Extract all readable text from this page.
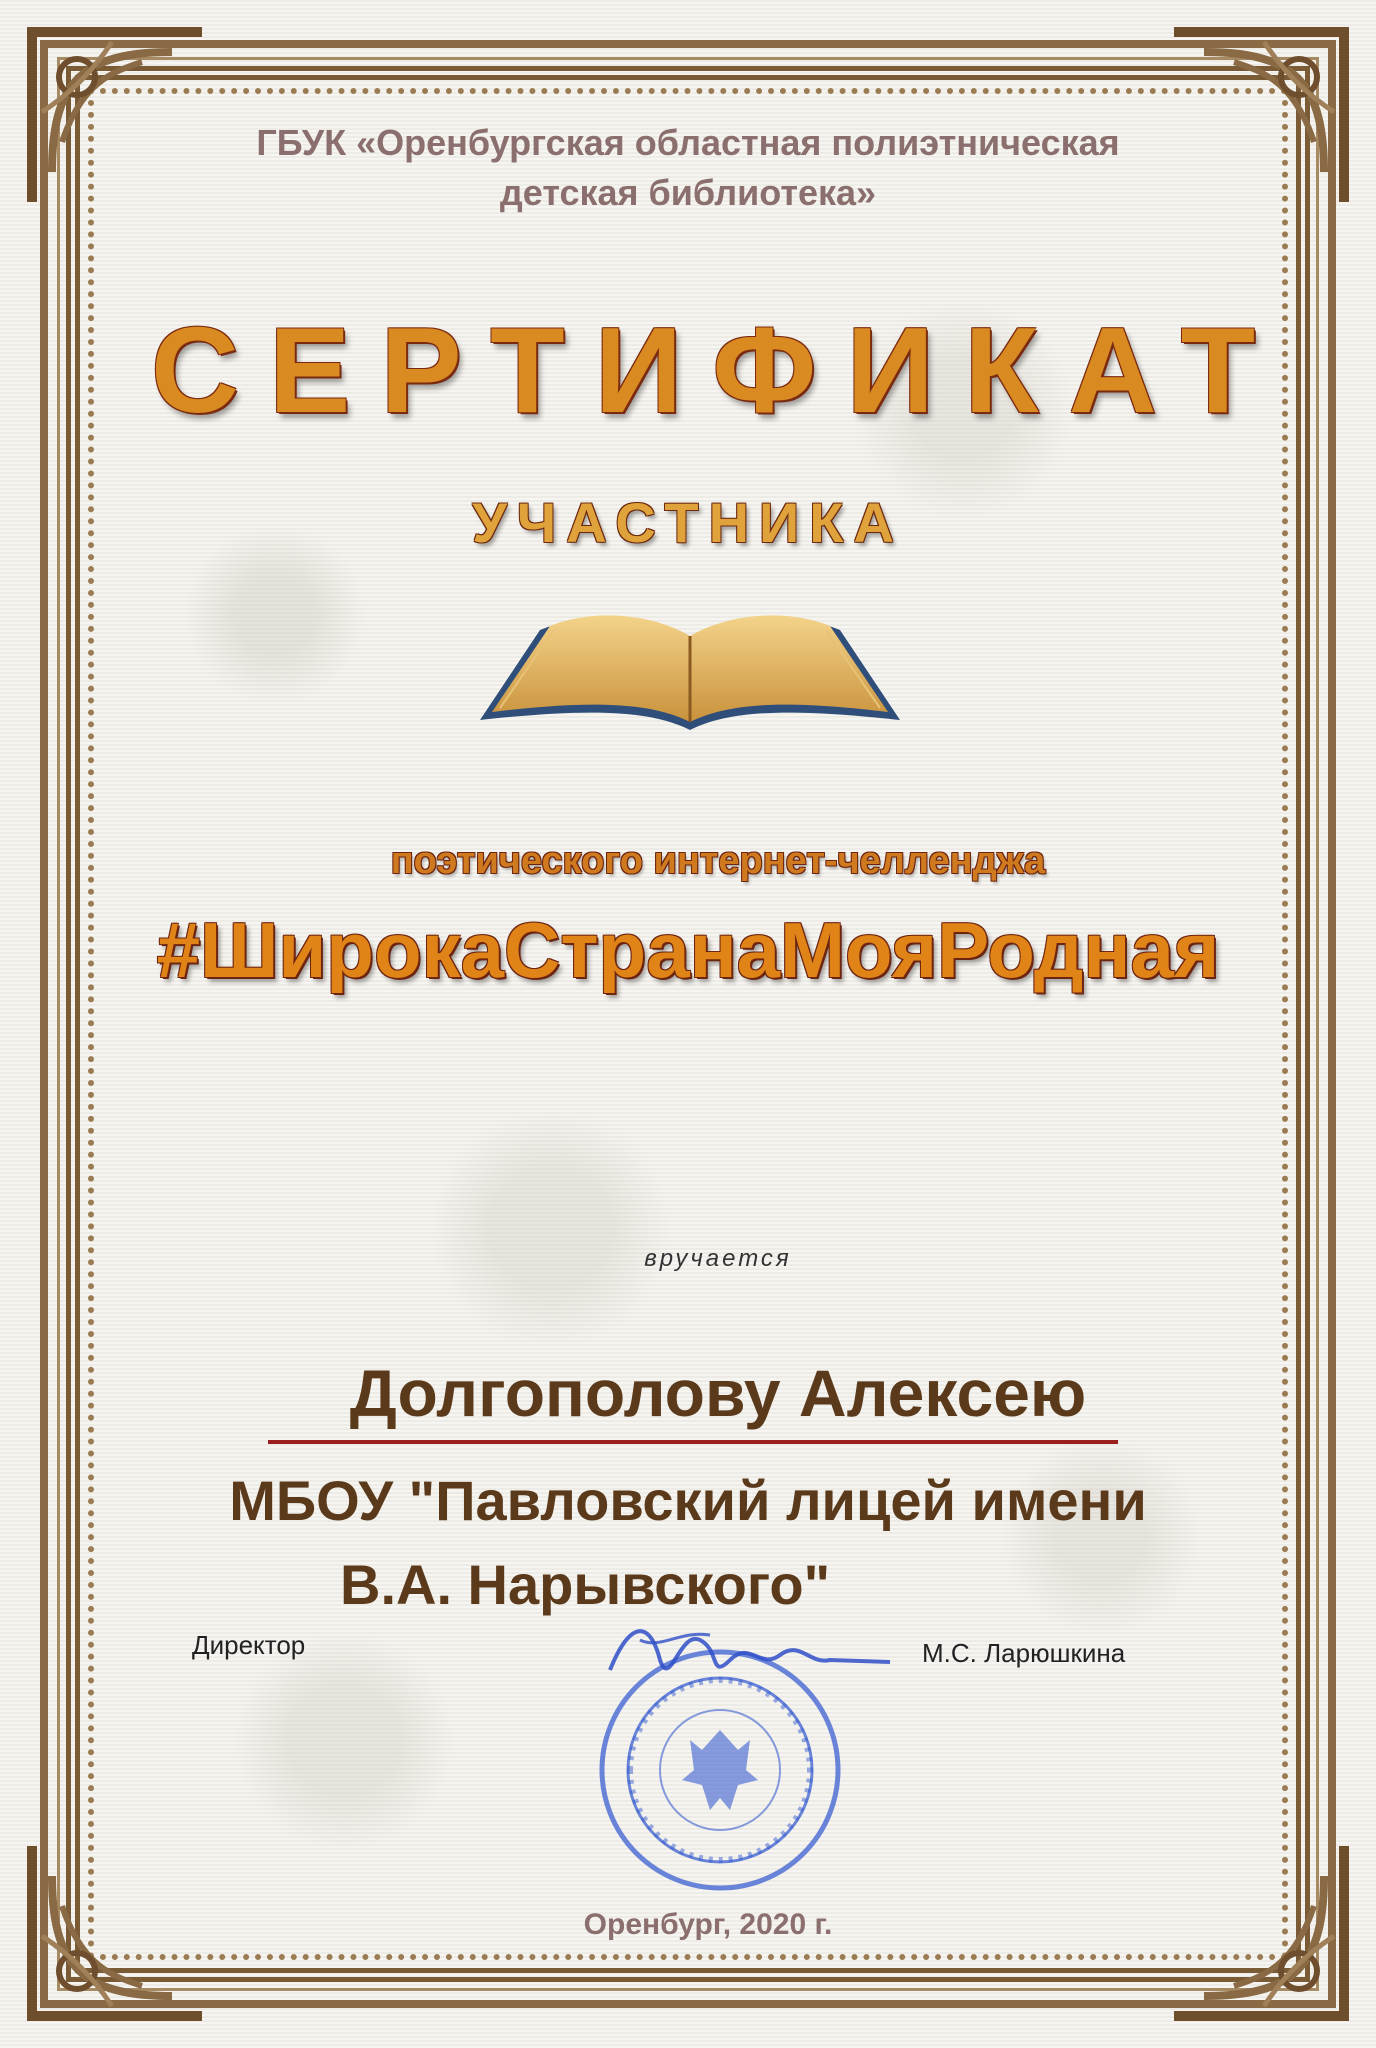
ГБУК «Оренбургская областная полиэтническая
детская библиотека»
СЕРТИФИКАТ
УЧАСТНИКА
поэтического интернет-челленджа
#ШирокаСтранаМояРодная
вручается
Долгополову Алексею
МБОУ "Павловский лицей имени
В.А. Нарывского"
Директор	М.С. Ларюшкина
Оренбург, 2020 г.
